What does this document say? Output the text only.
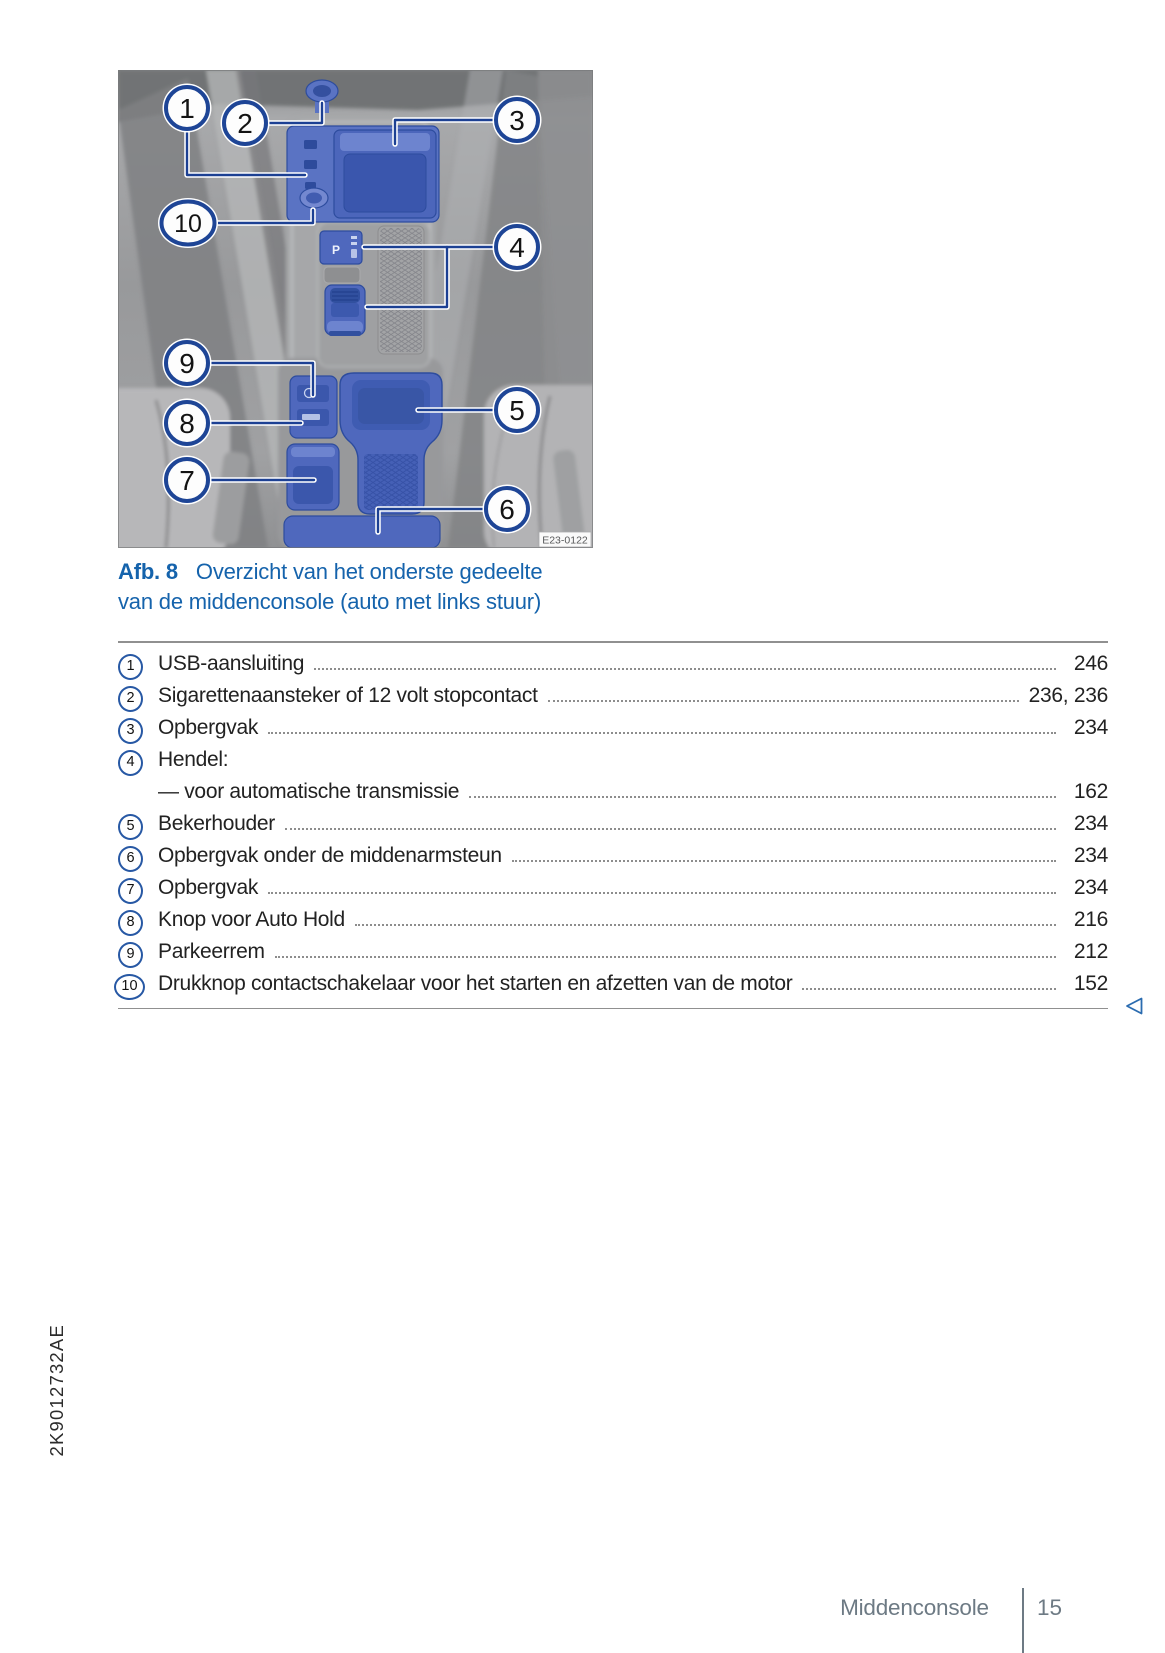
P
1 2	3
4
5
6
7
8
9
10
E23-0122
Afb. 8 Overzicht van het onderste gedeelte
van de middenconsole (auto met links stuur)
1	USB-aansluiting	246
2	Sigarettenaansteker of 12 volt stopcontact	236, 236
3	Opbergvak	234
4	Hendel:
— voor automatische transmissie	162
5	Bekerhouder	234
6	Opbergvak onder de middenarmsteun	234
7	Opbergvak	234
8	Knop voor Auto Hold	216
9	Parkeerrem	212
10 Drukknop contactschakelaar voor het starten en afzetten van de motor	152
2K9012732AE
Middenconsole 15
